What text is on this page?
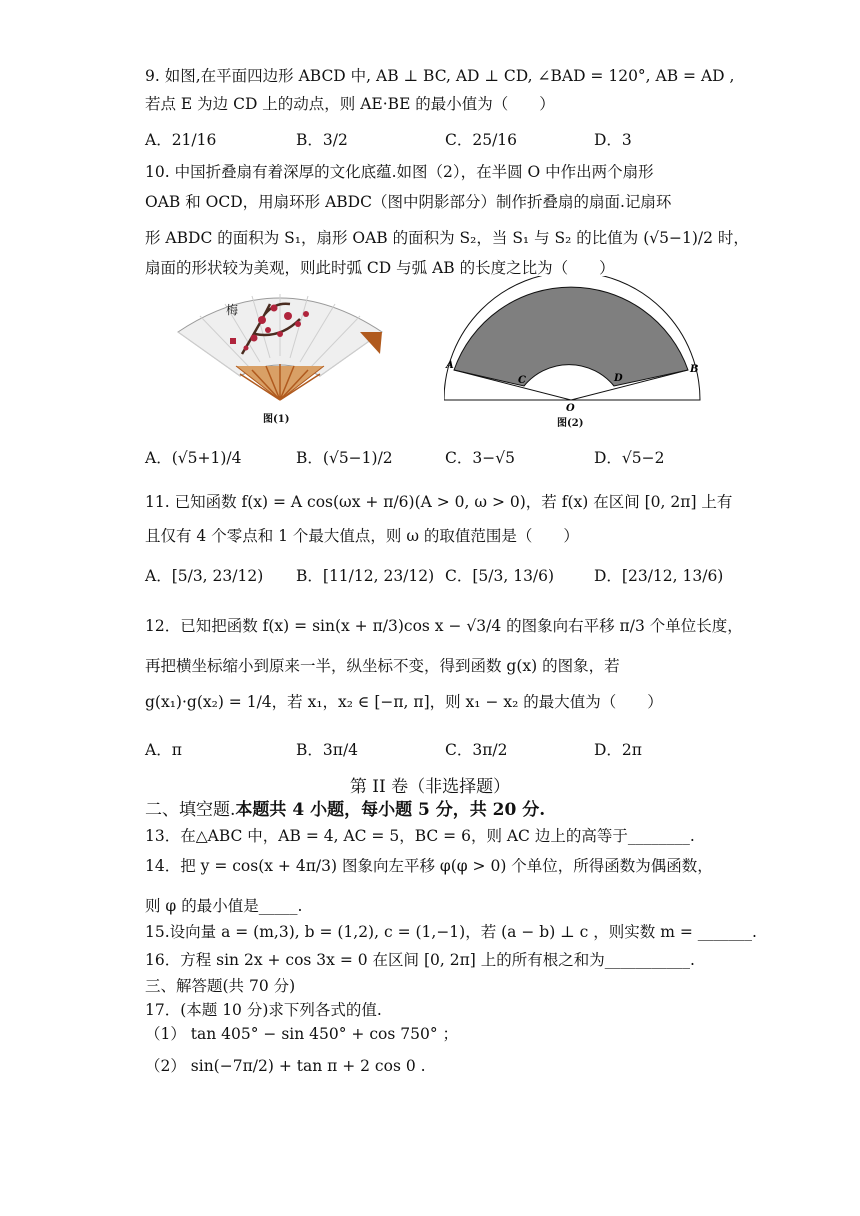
9. 如图,在平面四边形 ABCD 中, AB ⊥ BC, AD ⊥ CD, ∠BAD = 120°, AB = AD ,
若点 E 为边 CD 上的动点，则 AE·BE 的最小值为（　　）
A．21/16	B．3/2	C．25/16	D．3
10. 中国折叠扇有着深厚的文化底蕴.如图（2），在半圆 O 中作出两个扇形
OAB 和 OCD，用扇环形 ABDC（图中阴影部分）制作折叠扇的扇面.记扇环
形 ABDC 的面积为 S₁，扇形 OAB 的面积为 S₂，当 S₁ 与 S₂ 的比值为 (√5−1)/2 时，
扇面的形状较为美观，则此时弧 CD 与弧 AB 的长度之比为（　　）
梅
图(1)
A	B
C	D
O
图(2)
A．(√5+1)/4	B．(√5−1)/2	C．3−√5	D．√5−2
11. 已知函数 f(x) = A cos(ωx + π/6)(A > 0, ω > 0)，若 f(x) 在区间 [0, 2π] 上有
且仅有 4 个零点和 1 个最大值点，则 ω 的取值范围是（　　）
A．[5/3, 23/12) B．[11/12, 23/12) C．[5/3, 13/6)	D．[23/12, 13/6)
12．已知把函数 f(x) = sin(x + π/3)cos x − √3/4 的图象向右平移 π/3 个单位长度，
再把横坐标缩小到原来一半，纵坐标不变，得到函数 g(x) 的图象，若
g(x₁)·g(x₂) = 1/4，若 x₁，x₂ ∈ [−π, π]，则 x₁ − x₂ 的最大值为（　　）
A．π	B．3π/4	C．3π/2	D．2π
第 II 卷（非选择题）
二、填空题.本题共 4 小题，每小题 5 分，共 20 分.
13．在△ABC 中，AB = 4, AC = 5，BC = 6，则 AC 边上的高等于________.
14．把 y = cos(x + 4π/3) 图象向左平移 φ(φ > 0) 个单位，所得函数为偶函数，
则 φ 的最小值是_____.
15.设向量 a = (m,3), b = (1,2), c = (1,−1)，若 (a − b) ⊥ c ，则实数 m = _______.
16．方程 sin 2x + cos 3x = 0 在区间 [0, 2π] 上的所有根之和为___________.
三、解答题(共 70 分)
17．(本题 10 分)求下列各式的值.
（1） tan 405° − sin 450° + cos 750° ；
（2） sin(−7π/2) + tan π + 2 cos 0 .
